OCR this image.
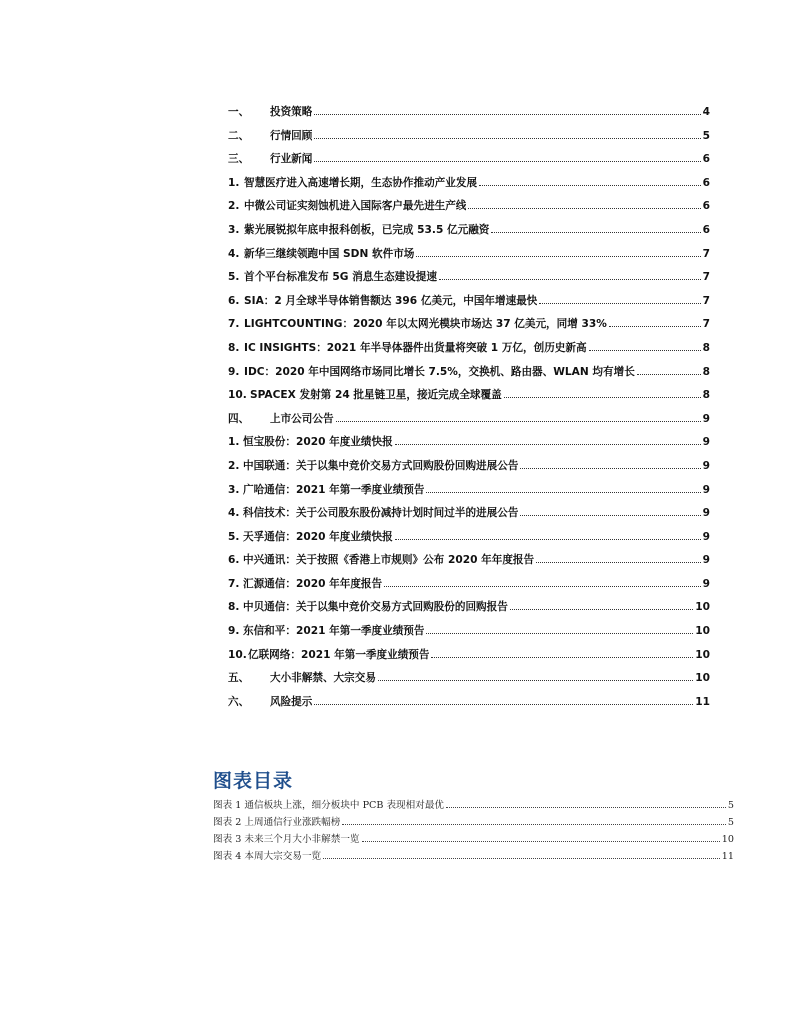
一、	投资策略	4
二、	行情回顾	5
三、	行业新闻	6
1. 智慧医疗进入高速增长期，生态协作推动产业发展	6
2. 中微公司证实刻蚀机进入国际客户最先进生产线	6
3. 紫光展锐拟年底申报科创板，已完成 53.5 亿元融资	6
4. 新华三继续领跑中国 SDN 软件市场	7
5. 首个平台标准发布 5G 消息生态建设提速	7
6. SIA：2 月全球半导体销售额达 396 亿美元，中国年增速最快	7
7. LIGHTCOUNTING：2020 年以太网光模块市场达 37 亿美元，同增 33%	7
8. IC INSIGHTS：2021 年半导体器件出货量将突破 1 万亿，创历史新高	8
9. IDC：2020 年中国网络市场同比增长 7.5%，交换机、路由器、WLAN 均有增长	8
10. SPACEX 发射第 24 批星链卫星，接近完成全球覆盖	8
四、	上市公司公告	9
1. 恒宝股份：2020 年度业绩快报	9
2. 中国联通：关于以集中竞价交易方式回购股份回购进展公告	9
3. 广哈通信：2021 年第一季度业绩预告	9
4. 科信技术：关于公司股东股份减持计划时间过半的进展公告	9
5. 天孚通信：2020 年度业绩快报	9
6. 中兴通讯：关于按照《香港上市规则》公布 2020 年年度报告	9
7. 汇源通信：2020 年年度报告	9
8. 中贝通信：关于以集中竞价交易方式回购股份的回购报告	10
9. 东信和平：2021 年第一季度业绩预告	10
10. 亿联网络：2021 年第一季度业绩预告	10
五、	大小非解禁、大宗交易	10
六、	风险提示	11
图表目录
图表 1 通信板块上涨，细分板块中 PCB 表现相对最优	5
图表 2 上周通信行业涨跌幅榜	5
图表 3 未来三个月大小非解禁一览	10
图表 4 本周大宗交易一览	11
